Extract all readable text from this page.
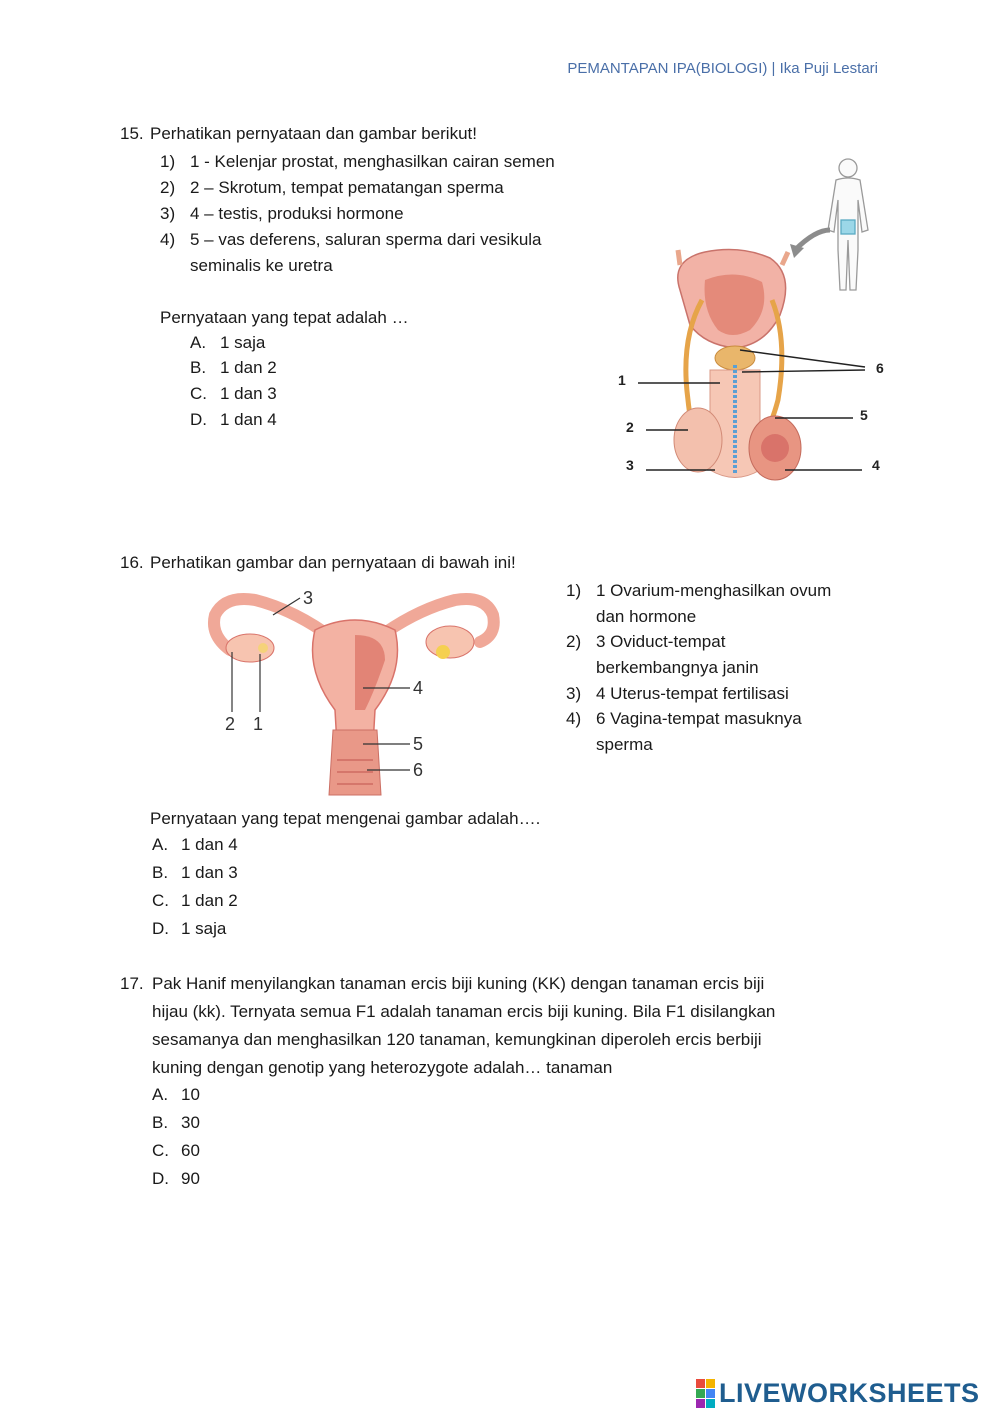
PEMANTAPAN IPA(BIOLOGI) | Ika Puji Lestari
15. Perhatikan pernyataan dan gambar berikut!
1) 1 - Kelenjar prostat, menghasilkan cairan semen
2) 2 – Skrotum, tempat pematangan sperma
3) 4 – testis, produksi hormone
4) 5 – vas deferens, saluran sperma dari vesikula
seminalis ke uretra
Pernyataan yang tepat adalah …
A. 1 saja
B. 1 dan 2
C. 1 dan 3
D. 1 dan 4
1
2
3	4
5
6
16. Perhatikan gambar dan pernyataan di bawah ini!
3
4
5
6
2 1
1) 1 Ovarium-menghasilkan ovum
dan hormone
2) 3 Oviduct-tempat
berkembangnya janin
3) 4 Uterus-tempat fertilisasi
4) 6 Vagina-tempat masuknya
sperma
Pernyataan yang tepat mengenai gambar adalah….
A. 1 dan 4
B. 1 dan 3
C. 1 dan 2
D. 1 saja
17. Pak Hanif menyilangkan tanaman ercis biji kuning (KK) dengan tanaman ercis biji
hijau (kk). Ternyata semua F1 adalah tanaman ercis biji kuning. Bila F1 disilangkan
sesamanya dan menghasilkan 120 tanaman, kemungkinan diperoleh ercis berbiji
kuning dengan genotip yang heterozygote adalah… tanaman
A. 10
B. 30
C. 60
D. 90
LIVEWORKSHEETS
